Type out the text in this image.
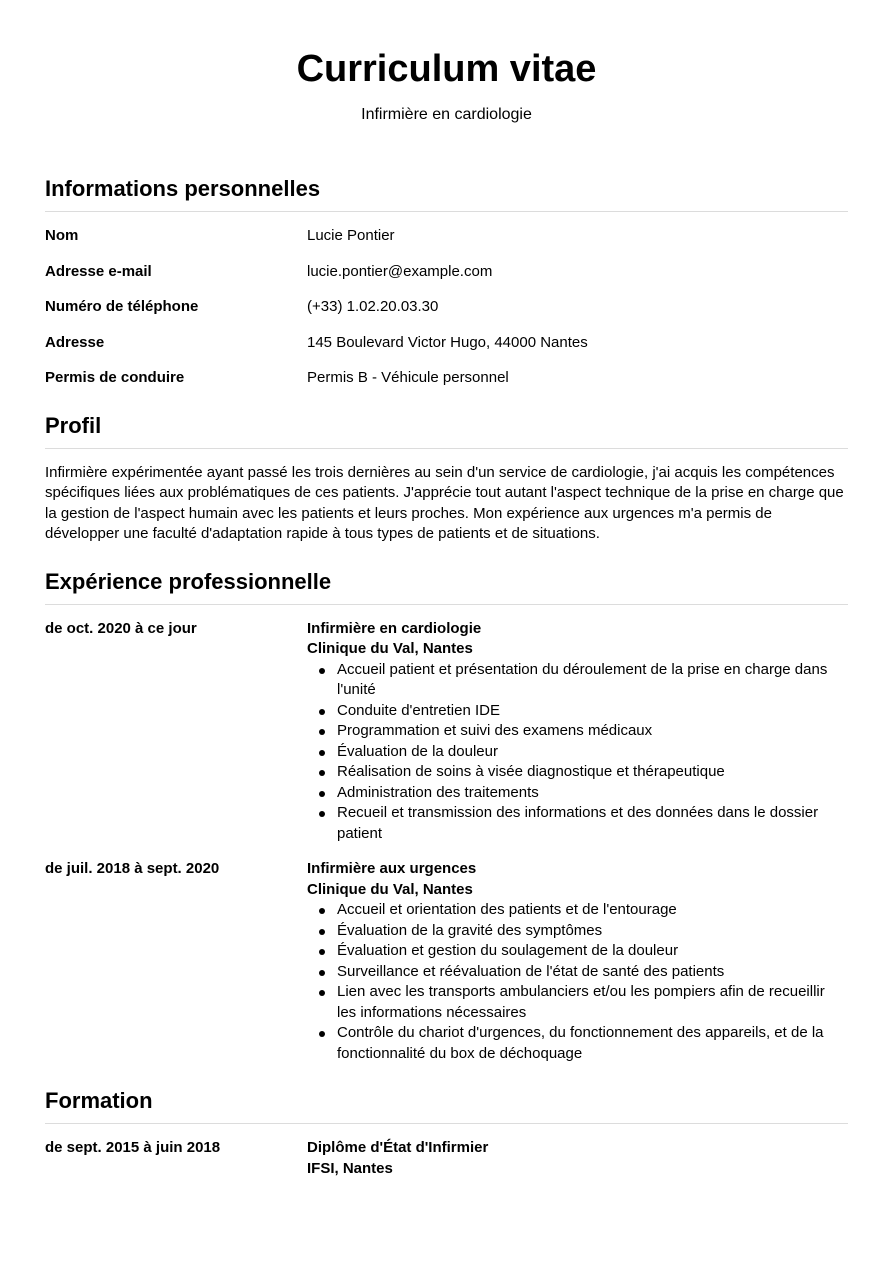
Curriculum vitae
Infirmière en cardiologie
Informations personnelles
Nom	Lucie Pontier
Adresse e-mail	lucie.pontier@example.com
Numéro de téléphone	(+33) 1.02.20.03.30
Adresse	145 Boulevard Victor Hugo, 44000 Nantes
Permis de conduire	Permis B - Véhicule personnel
Profil

Infirmière expérimentée ayant passé les trois dernières au sein d'un service de cardiologie, j'ai acquis les compétences spécifiques liées aux problématiques de ces patients. J'apprécie tout autant l'aspect technique de la prise en charge que la gestion de l'aspect humain avec les patients et leurs proches. Mon expérience aux urgences m'a permis de développer une faculté d'adaptation rapide à tous types de patients et de situations.

Expérience professionnelle
de oct. 2020 à ce jour	Infirmière en cardiologie
Clinique du Val, Nantes
Accueil patient et présentation du déroulement de la prise en charge dans l'unité
Conduite d'entretien IDE
Programmation et suivi des examens médicaux
Évaluation de la douleur
Réalisation de soins à visée diagnostique et thérapeutique
Administration des traitements
Recueil et transmission des informations et des données dans le dossier patient
de juil. 2018 à sept. 2020	Infirmière aux urgences
Clinique du Val, Nantes
Accueil et orientation des patients et de l'entourage
Évaluation de la gravité des symptômes
Évaluation et gestion du soulagement de la douleur
Surveillance et réévaluation de l'état de santé des patients
Lien avec les transports ambulanciers et/ou les pompiers afin de recueillir les informations nécessaires
Contrôle du chariot d'urgences, du fonctionnement des appareils, et de la fonctionnalité du box de déchoquage
Formation
de sept. 2015 à juin 2018	Diplôme d'État d'Infirmier
IFSI, Nantes
